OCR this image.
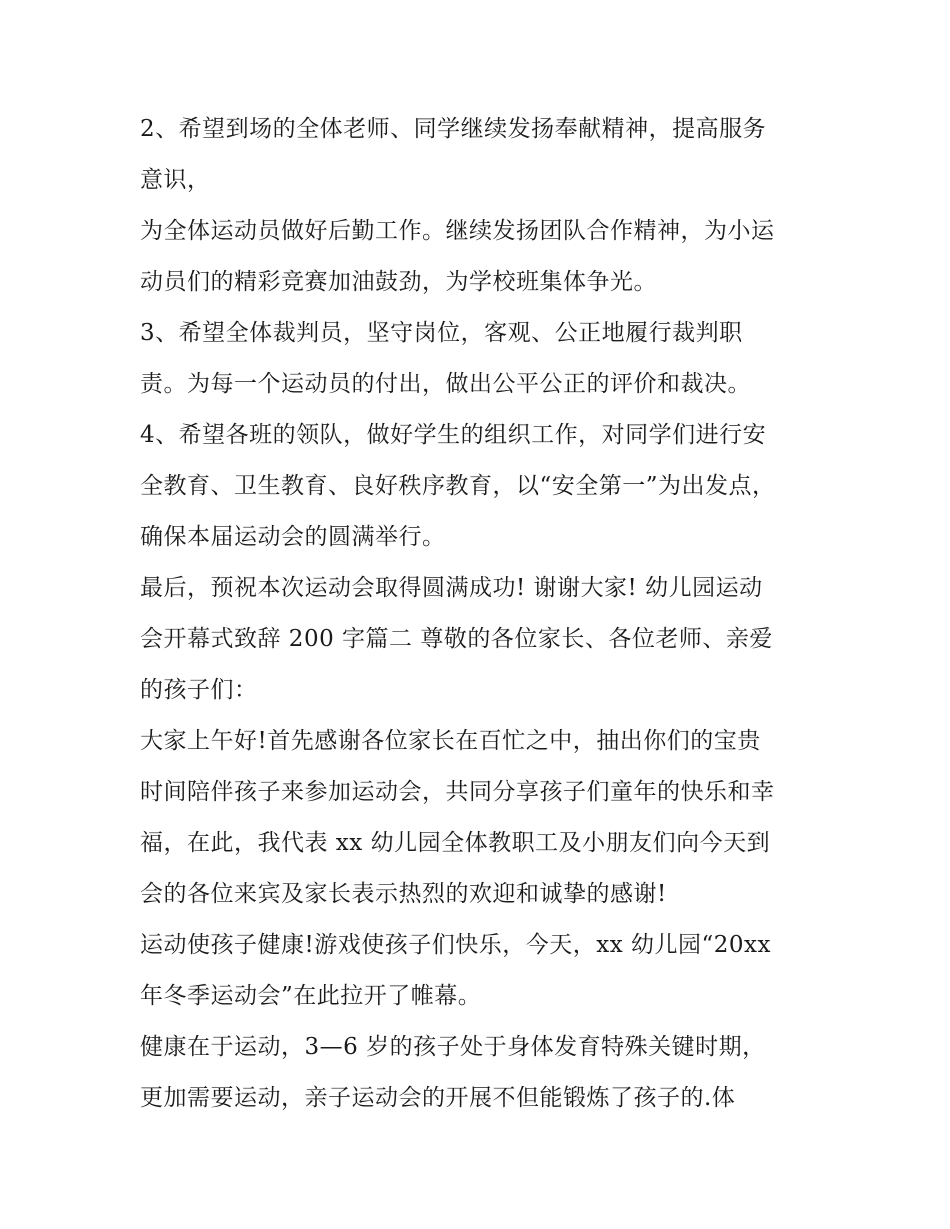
2、希望到场的全体老师、同学继续发扬奉献精神，提高服务
意识，
为全体运动员做好后勤工作。继续发扬团队合作精神，为小运
动员们的精彩竞赛加油鼓劲，为学校班集体争光。
3、希望全体裁判员，坚守岗位，客观、公正地履行裁判职
责。为每一个运动员的付出，做出公平公正的评价和裁决。
4、希望各班的领队，做好学生的组织工作，对同学们进行安
全教育、卫生教育、良好秩序教育，以“安全第一”为出发点，
确保本届运动会的圆满举行。
最后，预祝本次运动会取得圆满成功! 谢谢大家! 幼儿园运动
会开幕式致辞 200 字篇二 尊敬的各位家长、各位老师、亲爱
的孩子们：
大家上午好!首先感谢各位家长在百忙之中，抽出你们的宝贵
时间陪伴孩子来参加运动会，共同分享孩子们童年的快乐和幸
福，在此，我代表 xx 幼儿园全体教职工及小朋友们向今天到
会的各位来宾及家长表示热烈的欢迎和诚挚的感谢!
运动使孩子健康!游戏使孩子们快乐，今天，xx 幼儿园“20xx
年冬季运动会”在此拉开了帷幕。
健康在于运动，3—6 岁的孩子处于身体发育特殊关键时期，
更加需要运动，亲子运动会的开展不但能锻炼了孩子的.体
